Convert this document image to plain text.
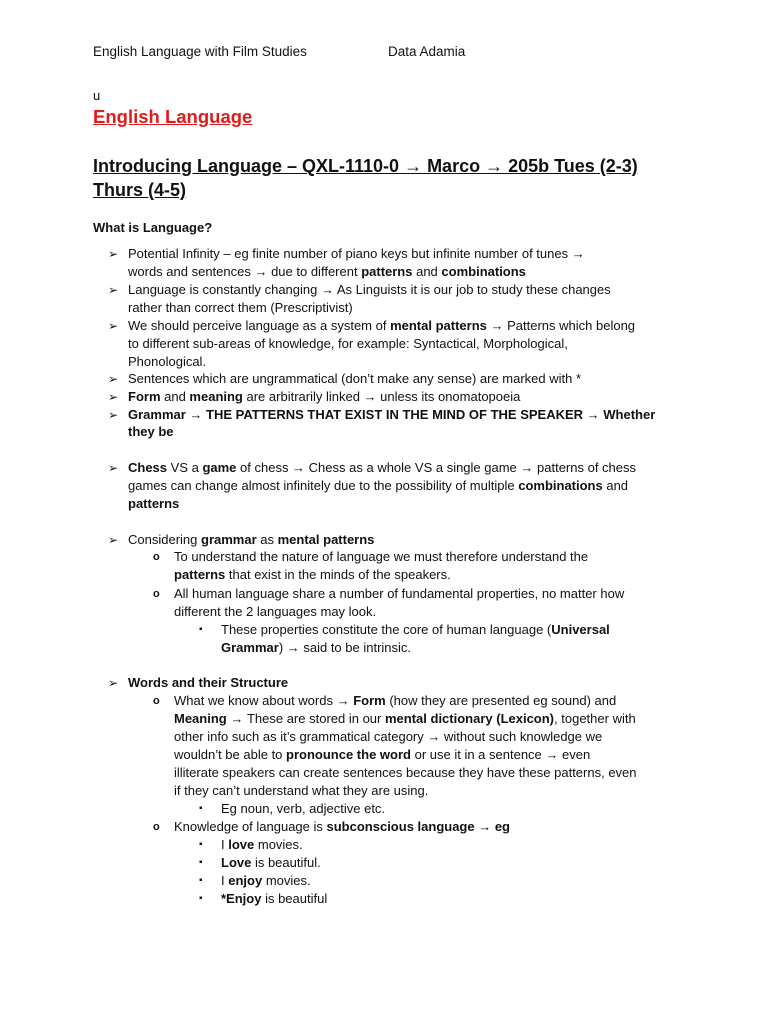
English Language with Film Studies	Data Adamia
u
English Language
Introducing Language – QXL-1110-0 → Marco → 205b Tues (2-3)
Thurs (4-5)
What is Language?
➢ Potential Infinity – eg finite number of piano keys but infinite number of tunes →
words and sentences → due to different patterns and combinations
➢ Language is constantly changing → As Linguists it is our job to study these changes
rather than correct them (Prescriptivist)
➢ We should perceive language as a system of mental patterns → Patterns which belong
to different sub-areas of knowledge, for example: Syntactical, Morphological,
Phonological.
➢ Sentences which are ungrammatical (don’t make any sense) are marked with *
➢ Form and meaning are arbitrarily linked → unless its onomatopoeia
➢ Grammar → THE PATTERNS THAT EXIST IN THE MIND OF THE SPEAKER → Whether
they be
➢ Chess VS a game of chess → Chess as a whole VS a single game → patterns of chess
games can change almost infinitely due to the possibility of multiple combinations and
patterns
➢ Considering grammar as mental patterns
o To understand the nature of language we must therefore understand the
patterns that exist in the minds of the speakers.
o All human language share a number of fundamental properties, no matter how
different the 2 languages may look.
▪ These properties constitute the core of human language (Universal
Grammar) → said to be intrinsic.
➢ Words and their Structure
o What we know about words → Form (how they are presented eg sound) and
Meaning → These are stored in our mental dictionary (Lexicon), together with
other info such as it’s grammatical category → without such knowledge we
wouldn’t be able to pronounce the word or use it in a sentence → even
illiterate speakers can create sentences because they have these patterns, even
if they can’t understand what they are using.
▪ Eg noun, verb, adjective etc.
o Knowledge of language is subconscious language → eg
▪ I love movies.
▪ Love is beautiful.
▪ I enjoy movies.
▪ *Enjoy is beautiful
